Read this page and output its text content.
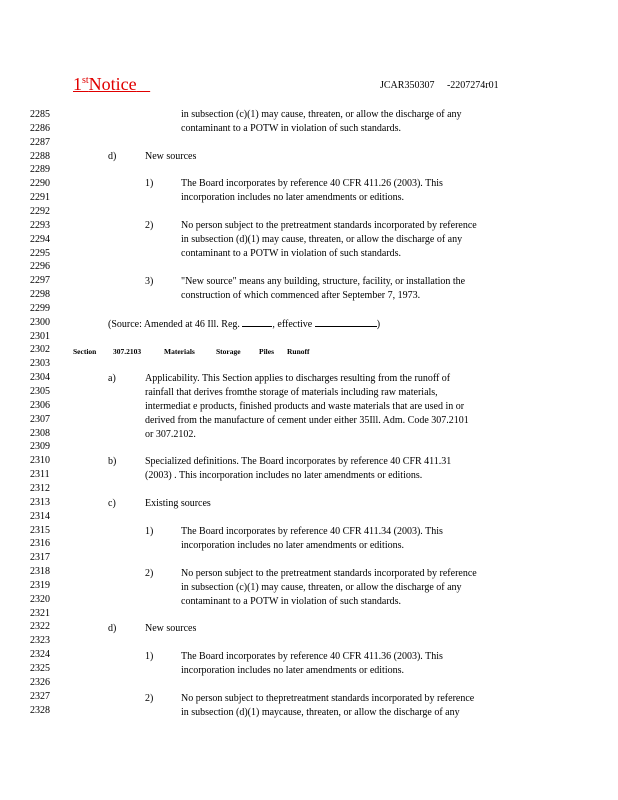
1stNotice	JCAR350307     -2207274r01
2285
2286
2287
2288
2289
2290
2291
2292
2293
2294
2295
2296
2297
2298
2299
2300
2301
2302
2303
2304
2305
2306
2307
2308
2309
2310
2311
2312
2313
2314
2315
2316
2317
2318
2319
2320
2321
2322
2323
2324
2325
2326
2327
2328
in subsection (c)(1) may cause, threaten, or allow the discharge of any
contaminant to a POTW in violation of such standards.
d)	New sources
1)	The Board incorporates by reference 40 CFR 411.26 (2003). This
incorporation includes no later amendments or editions.
2)	No person subject to the pretreatment standards incorporated by reference
in subsection (d)(1) may cause, threaten, or allow the discharge of any
contaminant to a POTW in violation of such standards.
3)	"New source" means any building, structure, facility, or installation the
construction of which commenced after September 7, 1973.
(Source: Amended at 46 Ill. Reg.	, effective	)
Section 307.2103	Materials	Storage Piles Runoff
a)	Applicability. This Section applies to discharges resulting from the runoff of
rainfall that derives fromthe storage of materials including raw materials,
intermediat e products, finished products and waste materials that are used in or
derived from the manufacture of cement under either 35Ill. Adm. Code 307.2101
or 307.2102.
b)	Specialized definitions. The Board incorporates by reference 40 CFR 411.31
(2003) . This incorporation includes no later amendments or editions.
c)	Existing sources
1)	The Board incorporates by reference 40 CFR 411.34 (2003). This
incorporation includes no later amendments or editions.
2)	No person subject to the pretreatment standards incorporated by reference
in subsection (c)(1) may cause, threaten, or allow the discharge of any
contaminant to a POTW in violation of such standards.
d)	New sources
1)	The Board incorporates by reference 40 CFR 411.36 (2003). This
incorporation includes no later amendments or editions.
2)	No person subject to thepretreatment standards incorporated by reference
in subsection (d)(1) maycause, threaten, or allow the discharge of any
